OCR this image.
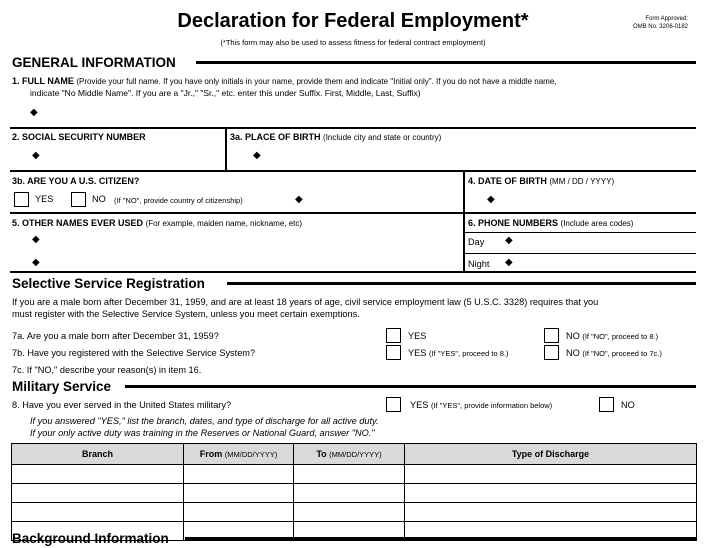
Declaration for Federal Employment*
(*This form may also be used to assess fitness for federal contract employment)
Form Approved:
OMB No. 3206-0182
GENERAL INFORMATION
1. FULL NAME (Provide your full name. If you have only initials in your name, provide them and indicate "Initial only". If you do not have a middle name,
indicate "No Middle Name". If you are a "Jr.," "Sr.," etc. enter this under Suffix. First, Middle, Last, Suffix)
◆
2. SOCIAL SECURITY NUMBER
◆
3a. PLACE OF BIRTH (Include city and state or country)
◆
3b. ARE YOU A U.S. CITIZEN?
YES	NO (If "NO", provide country of citizenship)	◆
4. DATE OF BIRTH (MM / DD / YYYY)
◆
5. OTHER NAMES EVER USED (For example, maiden name, nickname, etc)
◆
◆
6. PHONE NUMBERS (Include area codes)
Day ◆
Night ◆
Selective Service Registration
If you are a male born after December 31, 1959, and are at least 18 years of age, civil service employment law (5 U.S.C. 3328) requires that you
must register with the Selective Service System, unless you meet certain exemptions.
7a. Are you a male born after December 31, 1959?	YES	NO (If "NO", proceed to 8.)
7b. Have you registered with the Selective Service System?	YES (If "YES", proceed to 8.)	NO (If "NO", proceed to 7c.)
7c. If "NO," describe your reason(s) in item 16.
Military Service
8. Have you ever served in the United States military?	YES (If "YES", provide information below)	NO
If you answered "YES," list the branch, dates, and type of discharge for all active duty.
If your only active duty was training in the Reserves or National Guard, answer "NO."
Branch	From (MM/DD/YYYY)	To (MM/DD/YYYY)	Type of Discharge

Background Information
